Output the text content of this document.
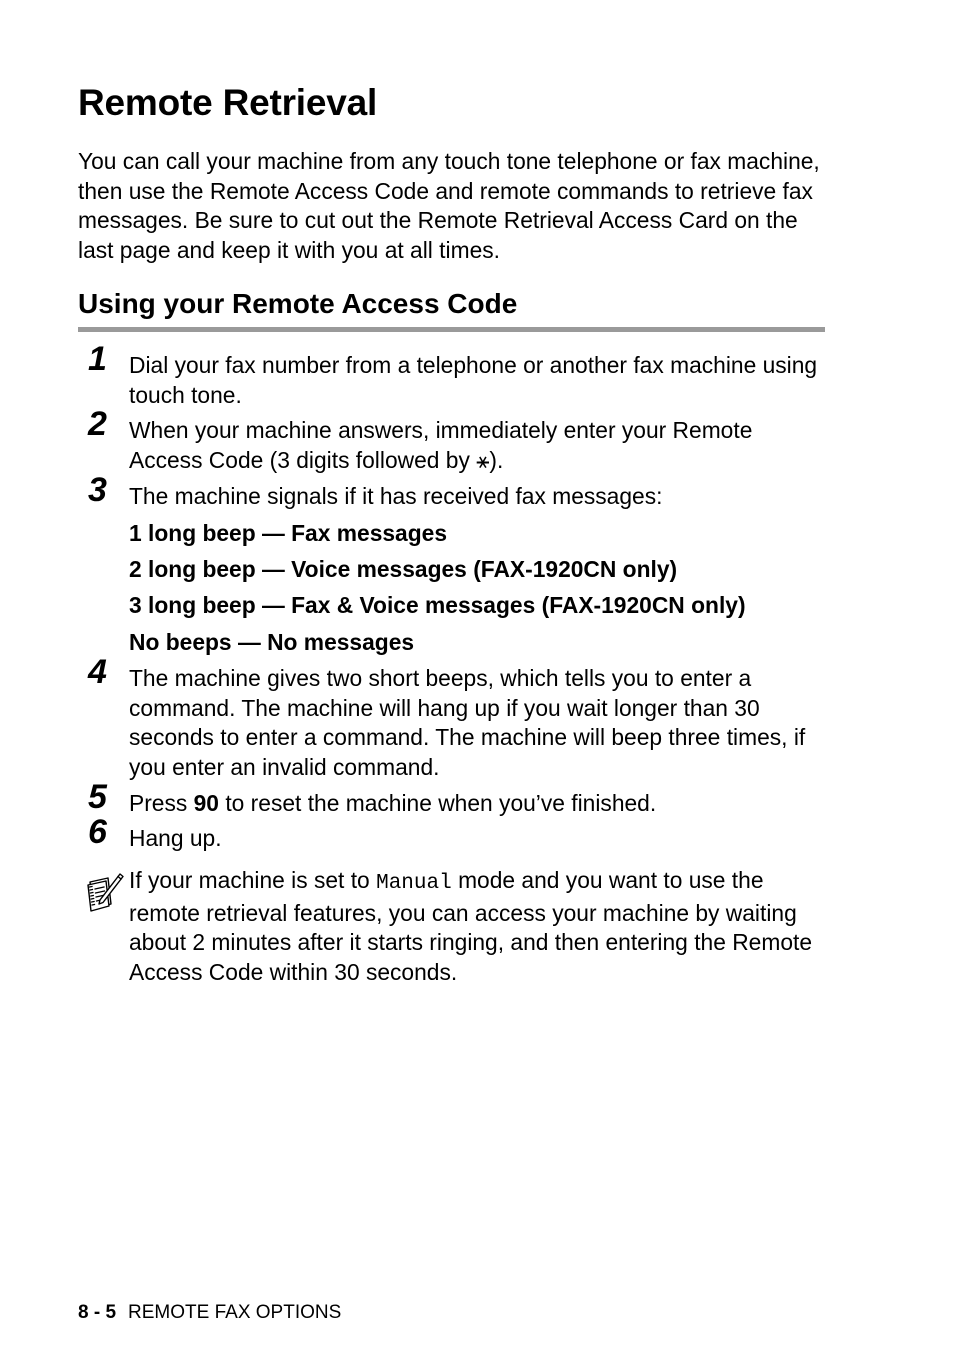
Remote Retrieval

You can call your machine from any touch tone telephone or fax machine, then use the Remote Access Code and remote commands to retrieve fax messages. Be sure to cut out the Remote Retrieval Access Card on the last page and keep it with you at all times.

Using your Remote Access Code
1 Dial your fax number from a telephone or another fax machine using touch tone.

2 When your machine answers, immediately enter your Remote Access Code (3 digits followed by ⚹).

3 The machine signals if it has received fax messages:

1 long beep — Fax messages

2 long beep — Voice messages (FAX-1920CN only)

3 long beep — Fax & Voice messages (FAX-1920CN only)

No beeps — No messages

4 The machine gives two short beeps, which tells you to enter a command. The machine will hang up if you wait longer than 30 seconds to enter a command. The machine will beep three times, if you enter an invalid command.

5 Press 90 to reset the machine when you’ve finished.

6 Hang up.

If your machine is set to Manual mode and you want to use the remote retrieval features, you can access your machine by waiting about 2 minutes after it starts ringing, and then entering the Remote Access Code within 30 seconds.

8 - 5 REMOTE FAX OPTIONS
